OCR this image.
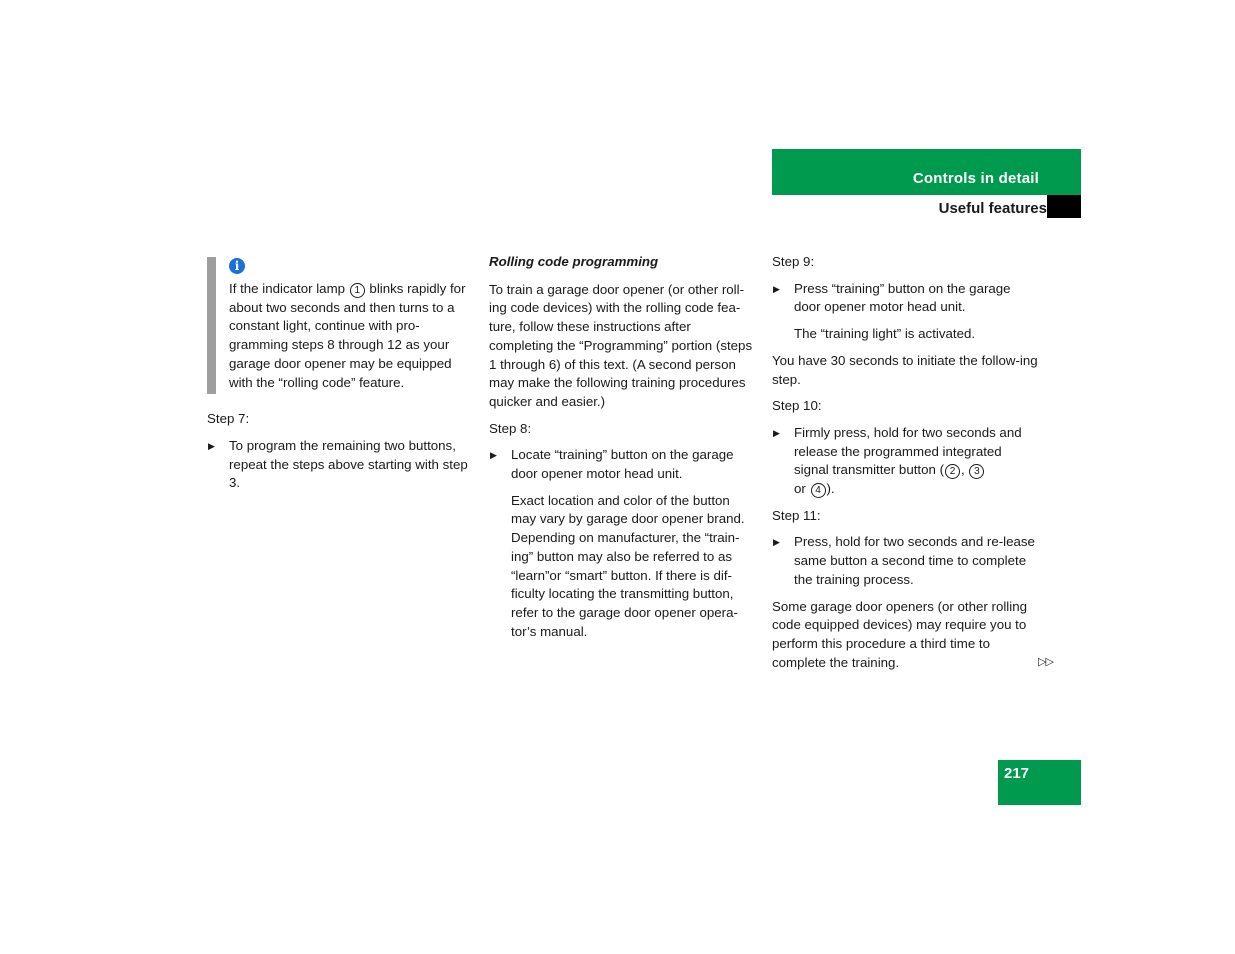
Controls in detail
Useful features
i

If the indicator lamp 1 blinks rapidly for about two seconds and then turns to a constant light, continue with pro-gramming steps 8 through 12 as your garage door opener may be equipped with the “rolling code” feature.

Step 7:

▶ To program the remaining two buttons, repeat the steps above starting with step 3.

Rolling code programming

To train a garage door opener (or other roll-ing code devices) with the rolling code fea-ture, follow these instructions after completing the “Programming” portion (steps 1 through 6) of this text. (A second person may make the following training procedures quicker and easier.)

Step 8:

▶ Locate “training” button on the garage door opener motor head unit.

Exact location and color of the button may vary by garage door opener brand. Depending on manufacturer, the “train-ing” button may also be referred to as “learn”or “smart” button. If there is dif-ficulty locating the transmitting button, refer to the garage door opener opera-tor’s manual.

Step 9:

▶ Press “training” button on the garage door opener motor head unit.

The “training light” is activated.

You have 30 seconds to initiate the follow-ing step.

Step 10:

▶ Firmly press, hold for two seconds and release the programmed integrated signal transmitter button ( 2 , 3
or 4 ).

Step 11:

▶ Press, hold for two seconds and re-lease same button a second time to complete the training process.

Some garage door openers (or other rolling code equipped devices) may require you to perform this procedure a third time to complete the training.	▷▷
217
